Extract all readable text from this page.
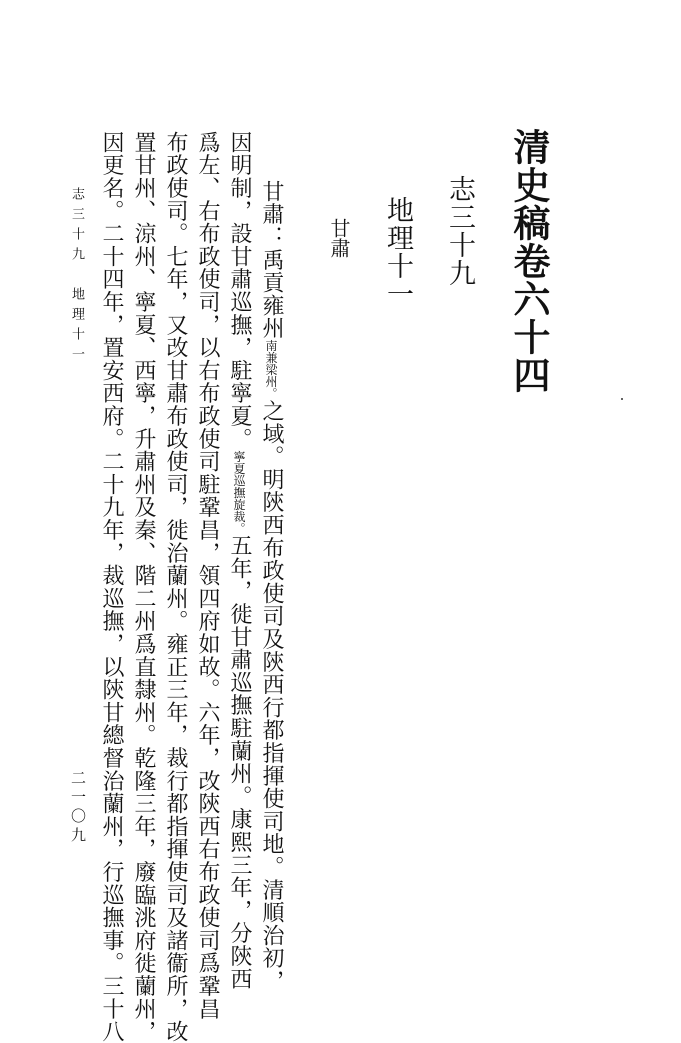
清史稿卷六十四
志三十九
地理十一
甘肅
甘肅：禹貢雍州南兼梁州。之域。明陝西布政使司及陝西行都指揮使司地。清順治初，
因明制，設甘肅巡撫，駐寧夏。寧夏巡撫旋裁。五年，徙甘肅巡撫駐蘭州。康熙三年，分陝西
爲左、右布政使司，以右布政使司駐鞏昌，領四府如故。六年，改陝西右布政使司爲鞏昌
布政使司。七年，又改甘肅布政使司，徙治蘭州。雍正三年，裁行都指揮使司及諸衞所，改
置甘州、涼州、寧夏、西寧，升肅州及秦、階二州爲直隸州。乾隆三年，廢臨洮府徙蘭州，
因更名。二十四年，置安西府。二十九年，裁巡撫，以陝甘總督治蘭州，行巡撫事。三十八
志三十九　地理十一
二一〇九
